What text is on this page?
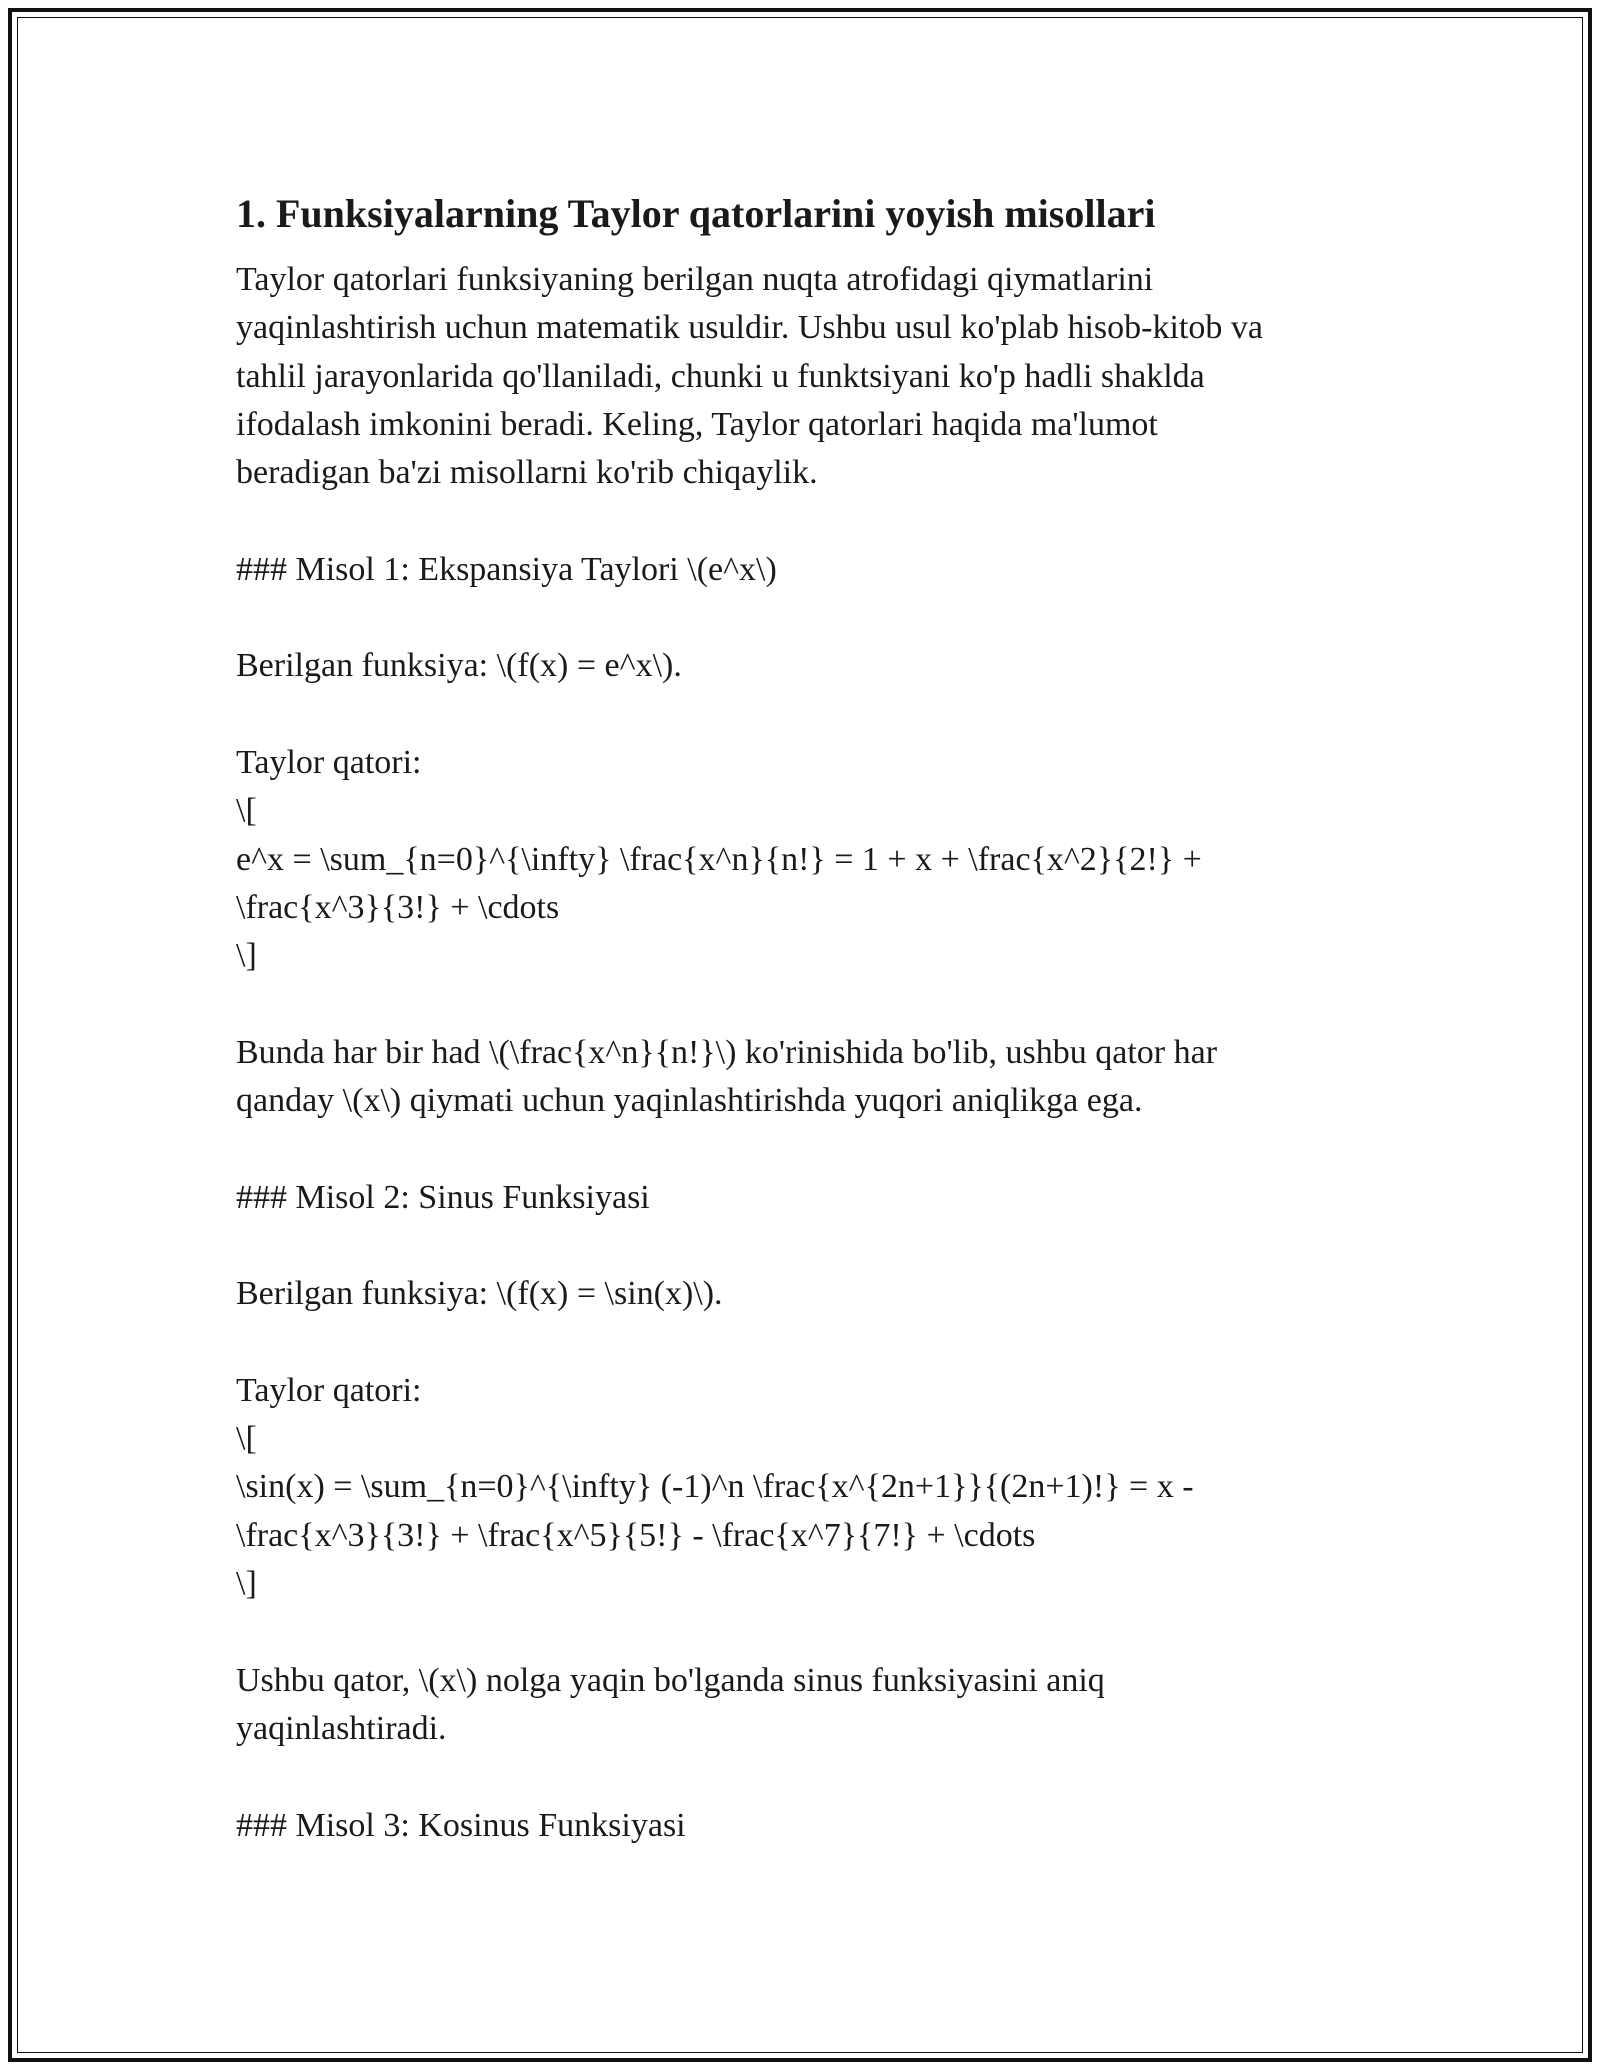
1. Funksiyalarning Taylor qatorlarini yoyish misollari
Taylor qatorlari funksiyaning berilgan nuqta atrofidagi qiymatlarini
yaqinlashtirish uchun matematik usuldir. Ushbu usul ko'plab hisob-kitob va
tahlil jarayonlarida qo'llaniladi, chunki u funktsiyani ko'p hadli shaklda
ifodalash imkonini beradi. Keling, Taylor qatorlari haqida ma'lumot
beradigan ba'zi misollarni ko'rib chiqaylik.
### Misol 1: Ekspansiya Taylori \(e^x\)
Berilgan funksiya: \(f(x) = e^x\).
Taylor qatori:
\[
e^x = \sum_{n=0}^{\infty} \frac{x^n}{n!} = 1 + x + \frac{x^2}{2!} +
\frac{x^3}{3!} + \cdots
\]
Bunda har bir had \(\frac{x^n}{n!}\) ko'rinishida bo'lib, ushbu qator har
qanday \(x\) qiymati uchun yaqinlashtirishda yuqori aniqlikga ega.
### Misol 2: Sinus Funksiyasi
Berilgan funksiya: \(f(x) = \sin(x)\).
Taylor qatori:
\[
\sin(x) = \sum_{n=0}^{\infty} (-1)^n \frac{x^{2n+1}}{(2n+1)!} = x -
\frac{x^3}{3!} + \frac{x^5}{5!} - \frac{x^7}{7!} + \cdots
\]
Ushbu qator, \(x\) nolga yaqin bo'lganda sinus funksiyasini aniq
yaqinlashtiradi.
### Misol 3: Kosinus Funksiyasi
